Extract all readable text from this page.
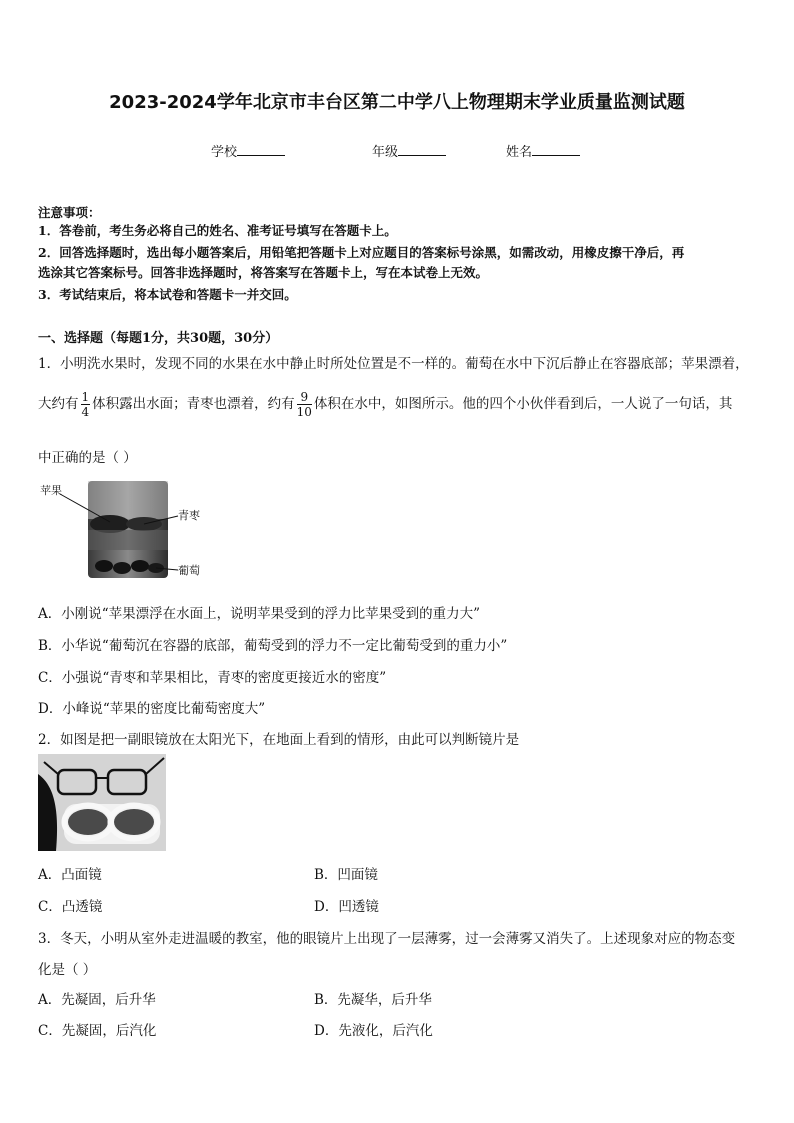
2023-2024学年北京市丰台区第二中学八上物理期末学业质量监测试题
学校	年级	姓名
注意事项：
1．答卷前，考生务必将自己的姓名、准考证号填写在答题卡上。
2．回答选择题时，选出每小题答案后，用铅笔把答题卡上对应题目的答案标号涂黑，如需改动，用橡皮擦干净后，再
选涂其它答案标号。回答非选择题时，将答案写在答题卡上，写在本试卷上无效。
3．考试结束后，将本试卷和答题卡一并交回。
一、选择题（每题1分，共30题，30分）
1．小明洗水果时，发现不同的水果在水中静止时所处位置是不一样的。葡萄在水中下沉后静止在容器底部；苹果漂着，
大约有 $\frac{1}{4}$ 体积露出水面；青枣也漂着，约有 $\frac{9}{10}$ 体积在水中，如图所示。他的四个小伙伴看到后，一人说了一句话，其
中正确的是（ ）
苹果
青枣
葡萄
A．小刚说“苹果漂浮在水面上，说明苹果受到的浮力比苹果受到的重力大”
B．小华说“葡萄沉在容器的底部，葡萄受到的浮力不一定比葡萄受到的重力小”
C．小强说“青枣和苹果相比，青枣的密度更接近水的密度”
D．小峰说“苹果的密度比葡萄密度大”
2．如图是把一副眼镜放在太阳光下，在地面上看到的情形，由此可以判断镜片是
A．凸面镜	B．凹面镜
C．凸透镜	D．凹透镜
3．冬天，小明从室外走进温暖的教室，他的眼镜片上出现了一层薄雾，过一会薄雾又消失了。上述现象对应的物态变
化是（ ）
A．先凝固，后升华	B．先凝华，后升华
C．先凝固，后汽化	D．先液化，后汽化
